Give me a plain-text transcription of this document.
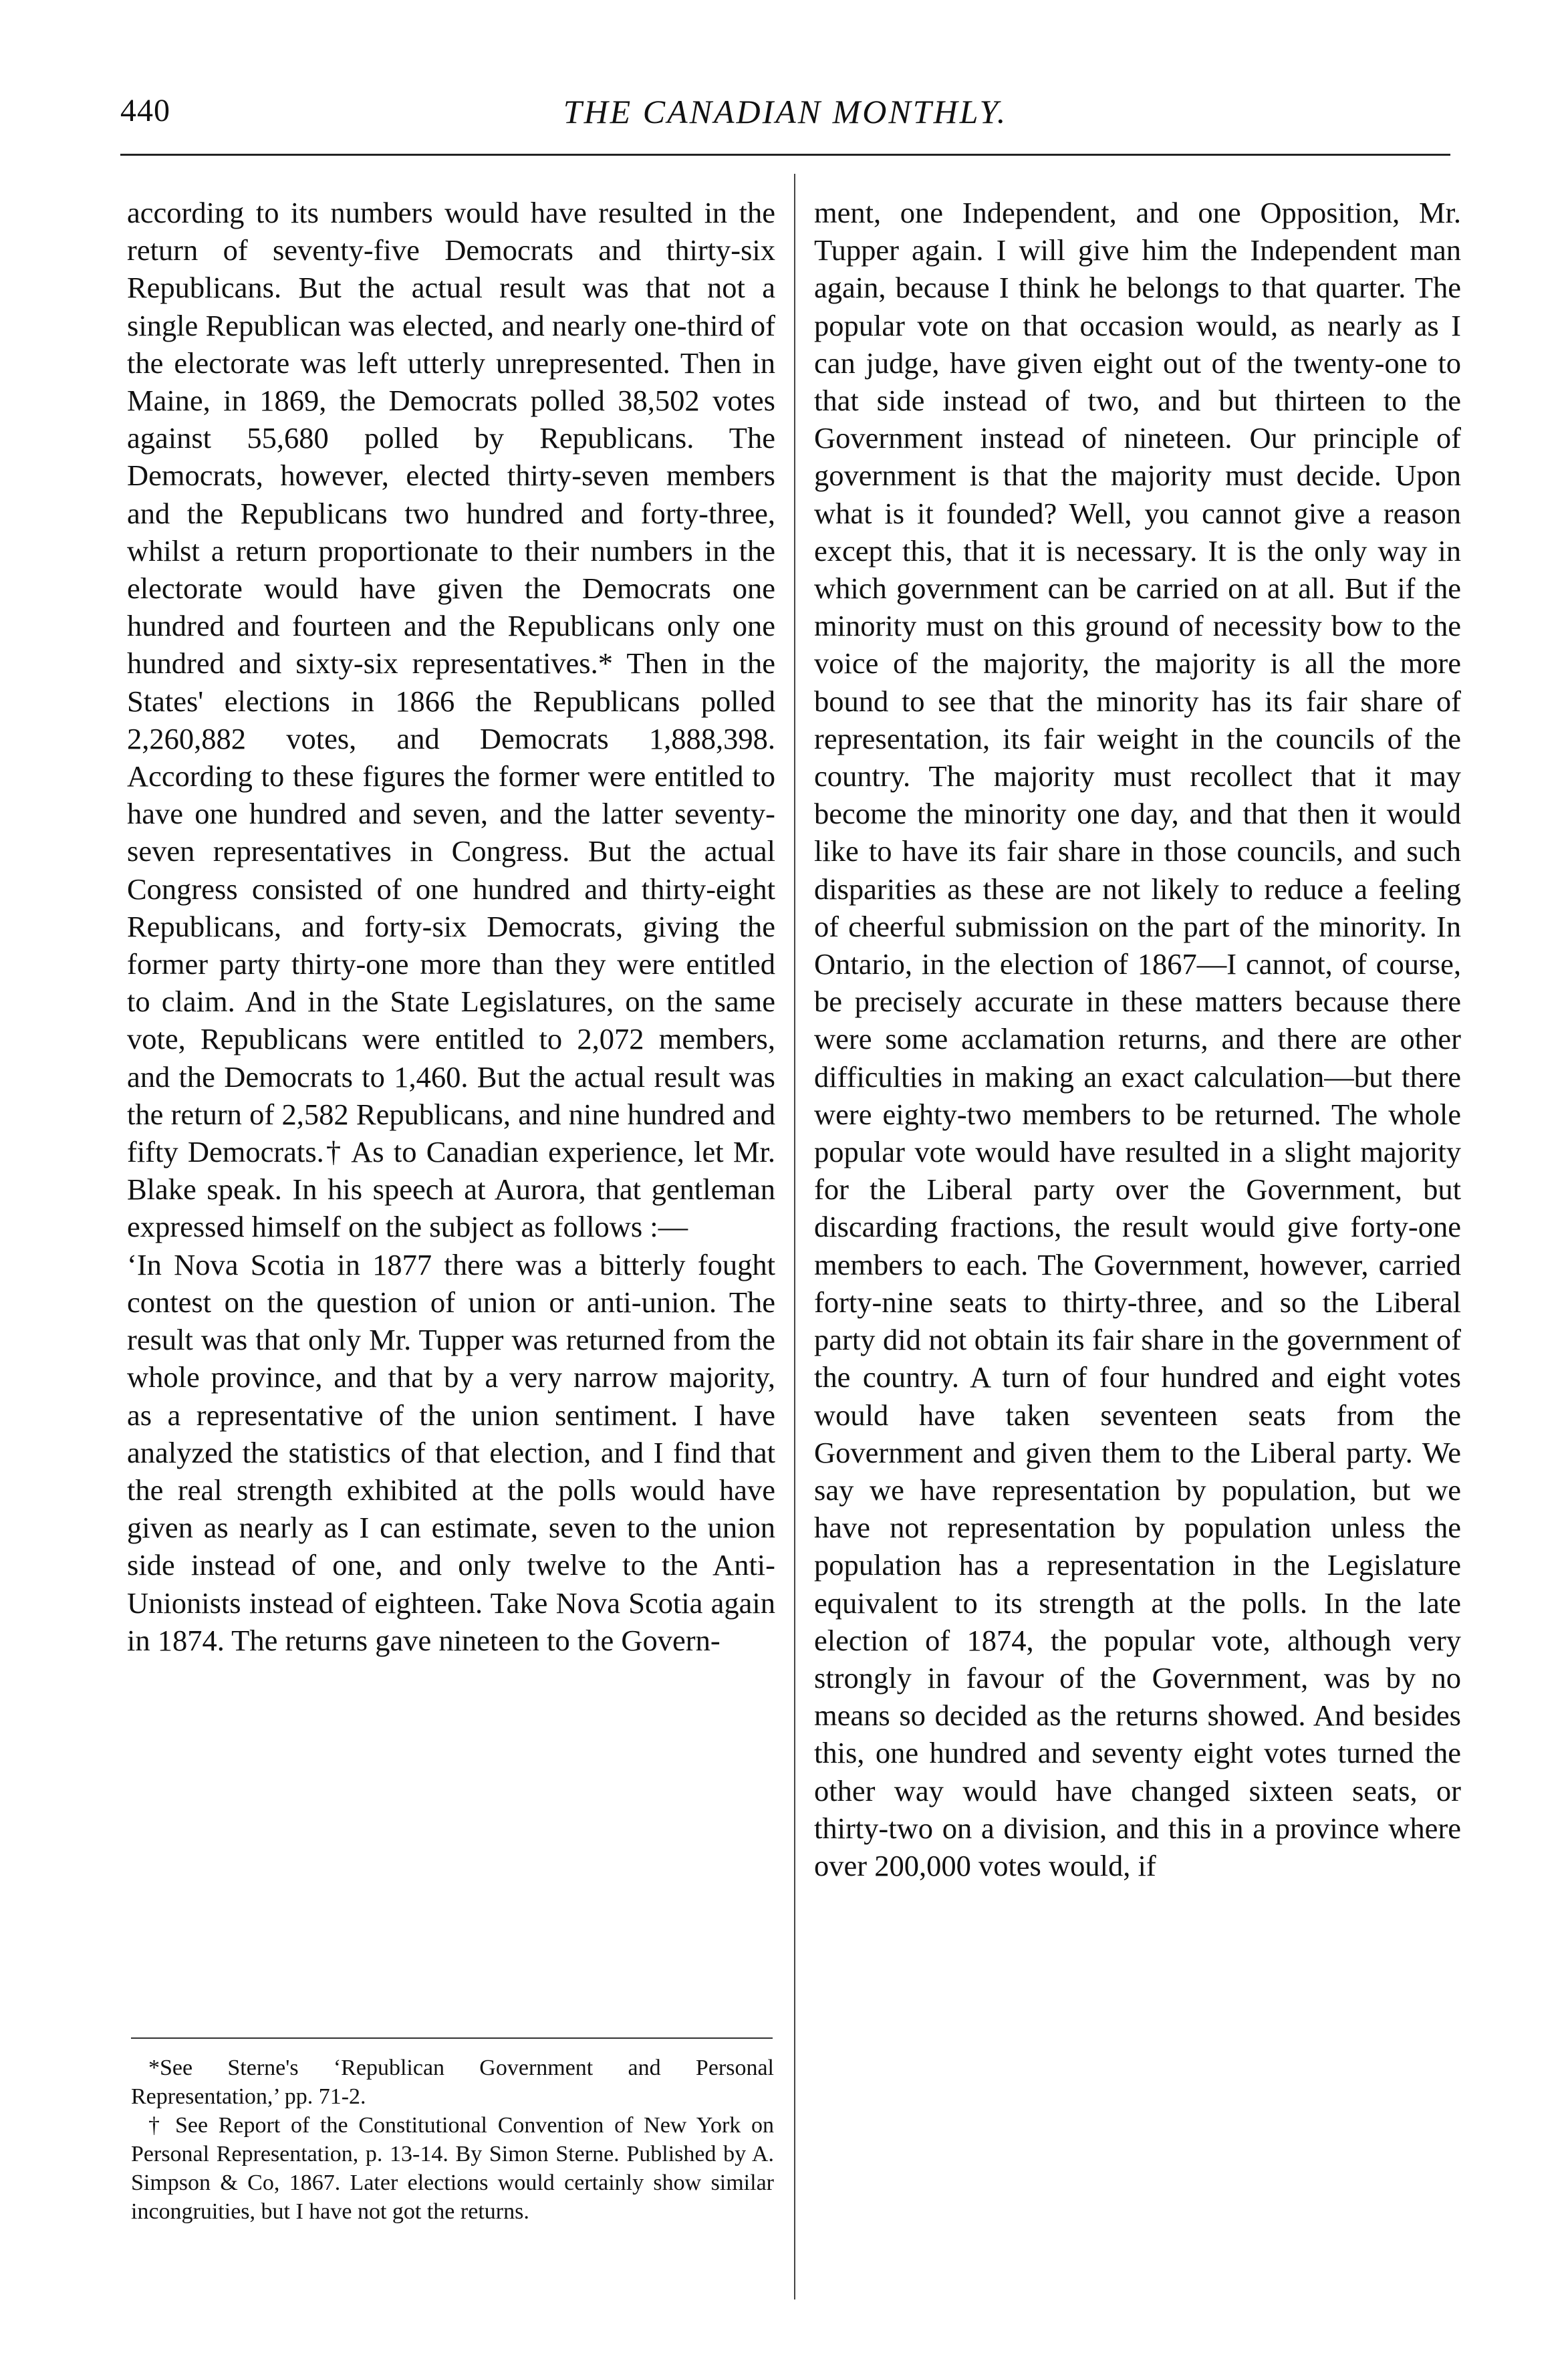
440	THE CANADIAN MONTHLY.

according to its numbers would have resulted in the return of seventy-five Democrats and thirty-six Republicans. But the actual result was that not a single Republican was elected, and nearly one-third of the electorate was left utterly unrepresented. Then in Maine, in 1869, the Democrats polled 38,502 votes against 55,680 polled by Republicans. The Democrats, however, elected thirty-seven members and the Republicans two hundred and forty-three, whilst a return proportionate to their numbers in the electorate would have given the Democrats one hundred and fourteen and the Republicans only one hundred and sixty-six representatives.* Then in the States' elections in 1866 the Republicans polled 2,260,882 votes, and Democrats 1,888,398. According to these figures the former were entitled to have one hundred and seven, and the latter seventy-seven representatives in Congress. But the actual Congress consisted of one hundred and thirty-eight Republicans, and forty-six Democrats, giving the former party thirty-one more than they were entitled to claim. And in the State Legislatures, on the same vote, Republicans were entitled to 2,072 members, and the Democrats to 1,460. But the actual result was the return of 2,582 Republicans, and nine hundred and fifty Democrats.† As to Canadian experience, let Mr. Blake speak. In his speech at Aurora, that gentleman expressed himself on the subject as follows :—

‘In Nova Scotia in 1877 there was a bitterly fought contest on the question of union or anti-union. The result was that only Mr. Tupper was returned from the whole province, and that by a very narrow majority, as a representative of the union sentiment. I have analyzed the statistics of that election, and I find that the real strength exhibited at the polls would have given as nearly as I can estimate, seven to the union side instead of one, and only twelve to the Anti-Unionists instead of eighteen. Take Nova Scotia again in 1874. The returns gave nineteen to the Govern-

ment, one Independent, and one Opposition, Mr. Tupper again. I will give him the Independent man again, because I think he belongs to that quarter. The popular vote on that occasion would, as nearly as I can judge, have given eight out of the twenty-one to that side instead of two, and but thirteen to the Government instead of nineteen. Our principle of government is that the majority must decide. Upon what is it founded? Well, you cannot give a reason except this, that it is necessary. It is the only way in which government can be carried on at all. But if the minority must on this ground of necessity bow to the voice of the majority, the majority is all the more bound to see that the minority has its fair share of representation, its fair weight in the councils of the country. The majority must recollect that it may become the minority one day, and that then it would like to have its fair share in those councils, and such disparities as these are not likely to reduce a feeling of cheerful submission on the part of the minority. In Ontario, in the election of 1867—I cannot, of course, be precisely accurate in these matters because there were some acclamation returns, and there are other difficulties in making an exact calculation—but there were eighty-two members to be returned. The whole popular vote would have resulted in a slight majority for the Liberal party over the Government, but discarding fractions, the result would give forty-one members to each. The Government, however, carried forty-nine seats to thirty-three, and so the Liberal party did not obtain its fair share in the government of the country. A turn of four hundred and eight votes would have taken seventeen seats from the Government and given them to the Liberal party. We say we have representation by population, but we have not representation by population unless the population has a representation in the Legislature equivalent to its strength at the polls. In the late election of 1874, the popular vote, although very strongly in favour of the Government, was by no means so decided as the returns showed. And besides this, one hundred and seventy eight votes turned the other way would have changed sixteen seats, or thirty-two on a division, and this in a province where over 200,000 votes would, if

*See Sterne's ‘Republican Government and Personal Representation,’ pp. 71-2.

† See Report of the Constitutional Convention of New York on Personal Representation, p. 13-14. By Simon Sterne. Published by A. Simpson & Co, 1867. Later elections would certainly show similar incongruities, but I have not got the returns.
